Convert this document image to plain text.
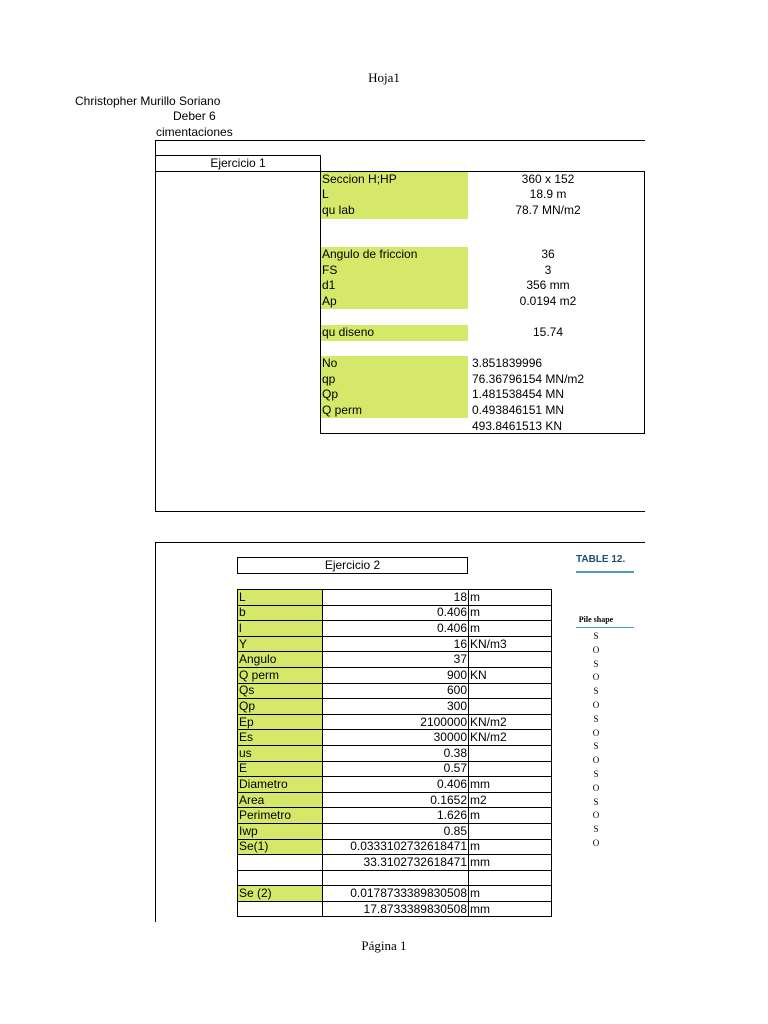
Hoja1
Christopher Murillo Soriano
Deber 6
cimentaciones
Ejercicio 1
Seccion H;HP	360 x 152
L	18.9 m
qu lab	78.7 MN/m2
Angulo de friccion	36
FS	3
d1	356 mm
Ap	0.0194 m2
qu diseno	15.74
No	3.851839996
qp	76.36796154 MN/m2
Qp	1.481538454 MN
Q perm	0.493846151 MN
493.8461513 KN
Ejercicio 2
L	18	m
b	0.406	m
l	0.406	m
Y	16	KN/m3
Angulo	37	
Q perm	900	KN
Qs	600	
Qp	300	
Ep	2100000	KN/m2
Es	30000	KN/m2
us	0.38	
E	0.57	
Diametro	0.406	mm
Area	0.1652	m2
Perimetro	1.626	m
Iwp	0.85	
Se(1)	0.0333102732618471	m
	33.3102732618471	mm

Se (2)	0.0178733389830508	m
	17.8733389830508	mm
TABLE 12.
Pile shape
S
O
S
O
S
O
S
O
S
O
S
O
S
O
S
O
Página 1
